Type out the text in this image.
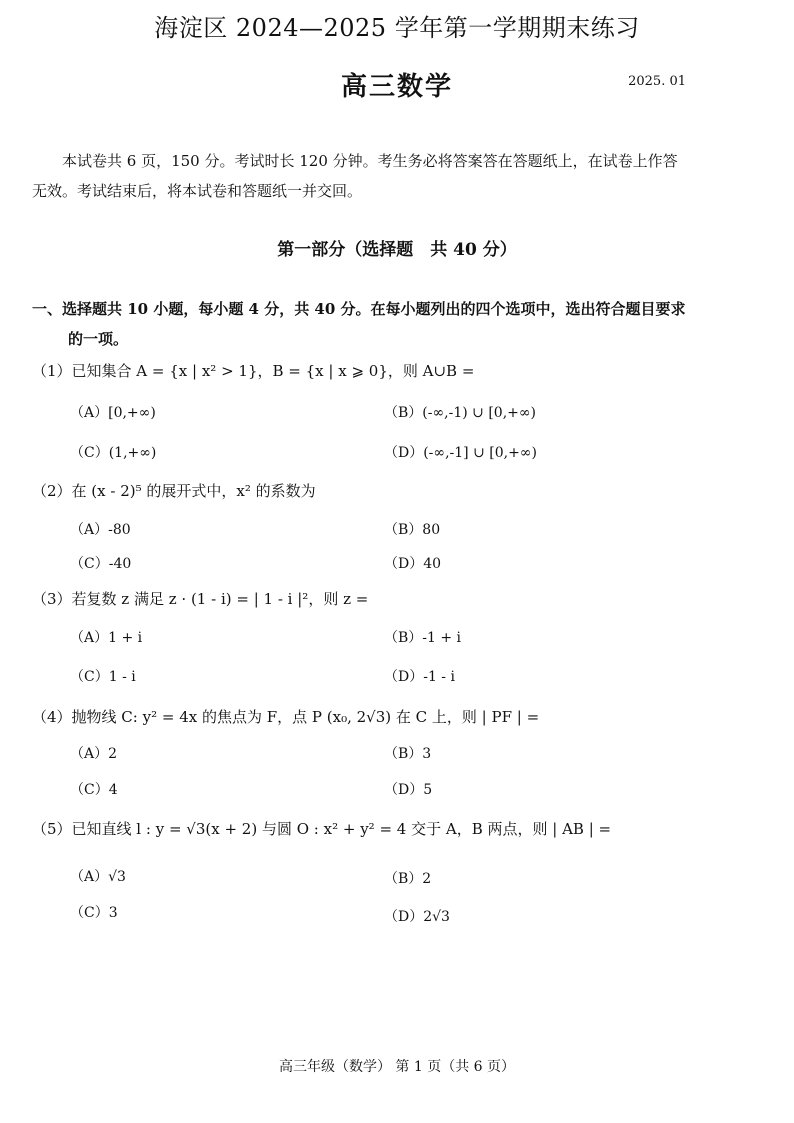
海淀区 2024—2025 学年第一学期期末练习
高三数学	2025. 01

本试卷共 6 页，150 分。考试时长 120 分钟。考生务必将答案答在答题纸上，在试卷上作答

无效。考试结束后，将本试卷和答题纸一并交回。

第一部分（选择题　共 40 分）

一、选择题共 10 小题，每小题 4 分，共 40 分。在每小题列出的四个选项中，选出符合题目要求

的一项。

（1）已知集合 A = {x | x² > 1}，B = {x | x ⩾ 0}，则 A∪B =
（A）[0,+∞)	（B）(-∞,-1) ∪ [0,+∞)
（C）(1,+∞)	（D）(-∞,-1] ∪ [0,+∞)
（2）在 (x - 2)⁵ 的展开式中，x² 的系数为
（A）-80	（B）80
（C）-40	（D）40
（3）若复数 z 满足 z · (1 - i) = | 1 - i |²，则 z =
（A）1 + i	（B）-1 + i
（C）1 - i	（D）-1 - i
（4）抛物线 C: y² = 4x 的焦点为 F，点 P (x₀, 2√3) 在 C 上，则 | PF | =
（A）2	（B）3
（C）4	（D）5
（5）已知直线 l : y = √3(x + 2) 与圆 O : x² + y² = 4 交于 A，B 两点，则 | AB | =
（A）√3	（B）2
（C）3	（D）2√3
高三年级（数学） 第 1 页（共 6 页）
